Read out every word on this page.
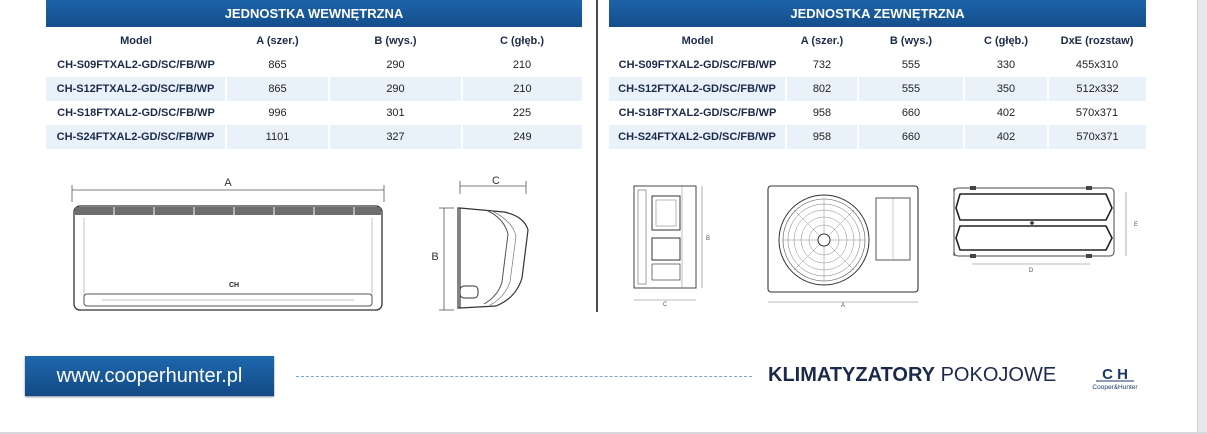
JEDNOSTKA WEWNĘTRZNA
Model	A (szer.)	B (wys.)	C (głęb.)
CH-S09FTXAL2-GD/SC/FB/WP	865	290	210
CH-S12FTXAL2-GD/SC/FB/WP	865	290	210
CH-S18FTXAL2-GD/SC/FB/WP	996	301	225
CH-S24FTXAL2-GD/SC/FB/WP	1101	327	249
JEDNOSTKA ZEWNĘTRZNA
Model	A (szer.)	B (wys.)	C (głęb.)	DxE (rozstaw)
CH-S09FTXAL2-GD/SC/FB/WP	732	555	330	455x310
CH-S12FTXAL2-GD/SC/FB/WP	802	555	350	512x332
CH-S18FTXAL2-GD/SC/FB/WP	958	660	402	570x371
CH-S24FTXAL2-GD/SC/FB/WP	958	660	402	570x371
A
CH
C
B
B
C	A
E
D
www.cooperhunter.pl	KLIMATYZATORY POKOJOWE	C H
Cooper&Hunter
